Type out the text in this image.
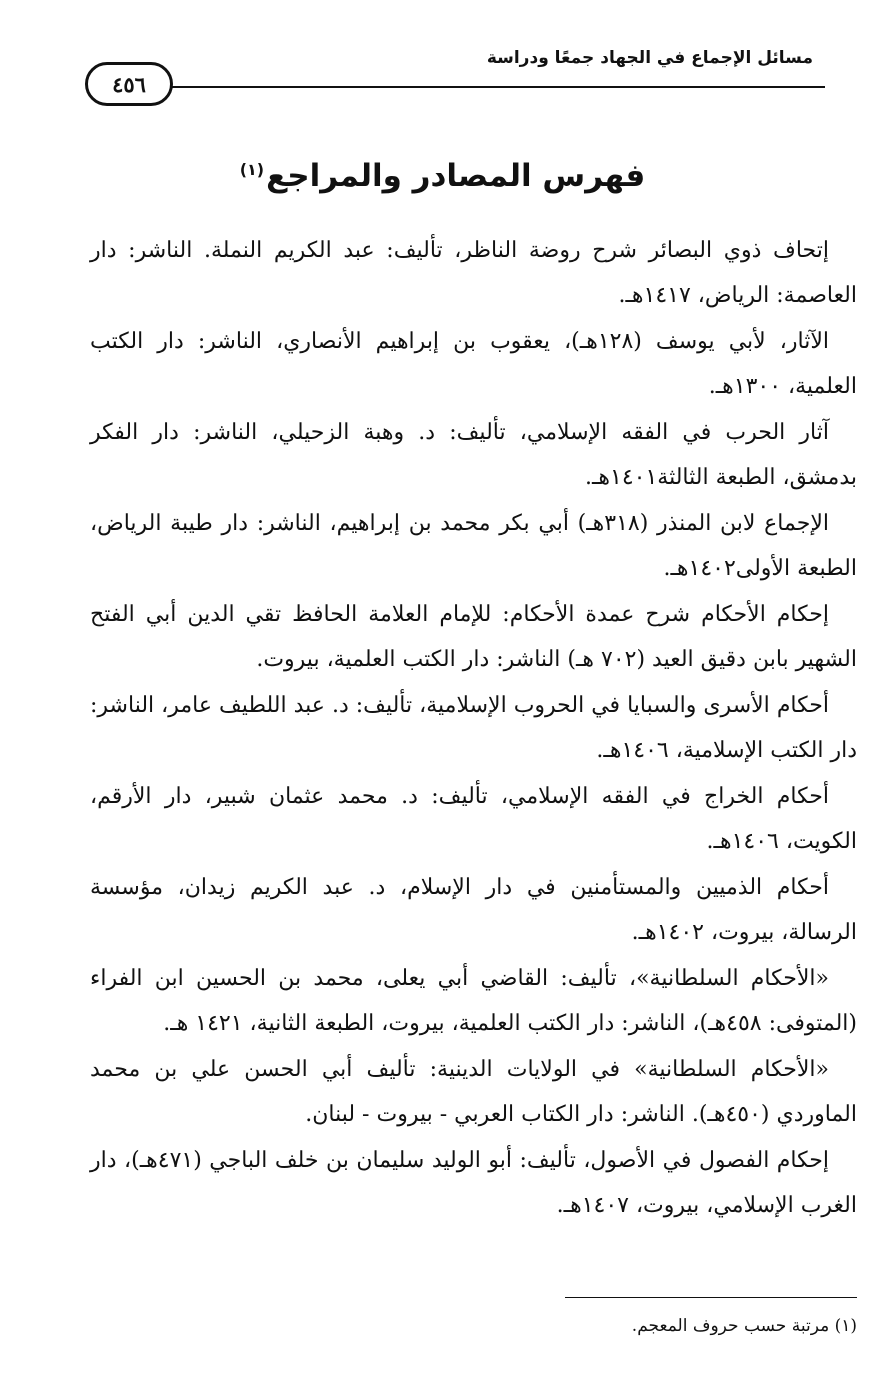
مسائل الإجماع في الجهاد جمعًا ودراسة
٤٥٦
فهرس المصادر والمراجع$^{(١)}$

إتحاف ذوي البصائر شرح روضة الناظر، تأليف: عبد الكريم النملة. الناشر: دار العاصمة: الرياض، ١٤١٧هـ.

الآثار، لأبي يوسف (١٢٨هـ)، يعقوب بن إبراهيم الأنصاري، الناشر: دار الكتب العلمية، ١٣٠٠هـ.

آثار الحرب في الفقه الإسلامي، تأليف: د. وهبة الزحيلي، الناشر: دار الفكر بدمشق، الطبعة الثالثة١٤٠١هـ.

الإجماع لابن المنذر (٣١٨هـ) أبي بكر محمد بن إبراهيم، الناشر: دار طيبة الرياض، الطبعة الأولى١٤٠٢هـ.

إحكام الأحكام شرح عمدة الأحكام: للإمام العلامة الحافظ تقي الدين أبي الفتح الشهير بابن دقيق العيد (٧٠٢ هـ) الناشر: دار الكتب العلمية، بيروت.

أحكام الأسرى والسبايا في الحروب الإسلامية، تأليف: د. عبد اللطيف عامر، الناشر: دار الكتب الإسلامية، ١٤٠٦هـ.

أحكام الخراج في الفقه الإسلامي، تأليف: د. محمد عثمان شبير، دار الأرقم، الكويت، ١٤٠٦هـ.

أحكام الذميين والمستأمنين في دار الإسلام، د. عبد الكريم زيدان، مؤسسة الرسالة، بيروت، ١٤٠٢هـ.

«الأحكام السلطانية»، تأليف: القاضي أبي يعلى، محمد بن الحسين ابن الفراء (المتوفى: ٤٥٨هـ)، الناشر: دار الكتب العلمية، بيروت، الطبعة الثانية، ١٤٢١ هـ.

«الأحكام السلطانية» في الولايات الدينية: تأليف أبي الحسن علي بن محمد الماوردي (٤٥٠هـ). الناشر: دار الكتاب العربي - بيروت - لبنان.

إحكام الفصول في الأصول، تأليف: أبو الوليد سليمان بن خلف الباجي (٤٧١هـ)، دار الغرب الإسلامي، بيروت، ١٤٠٧هـ.

(١) مرتبة حسب حروف المعجم.
